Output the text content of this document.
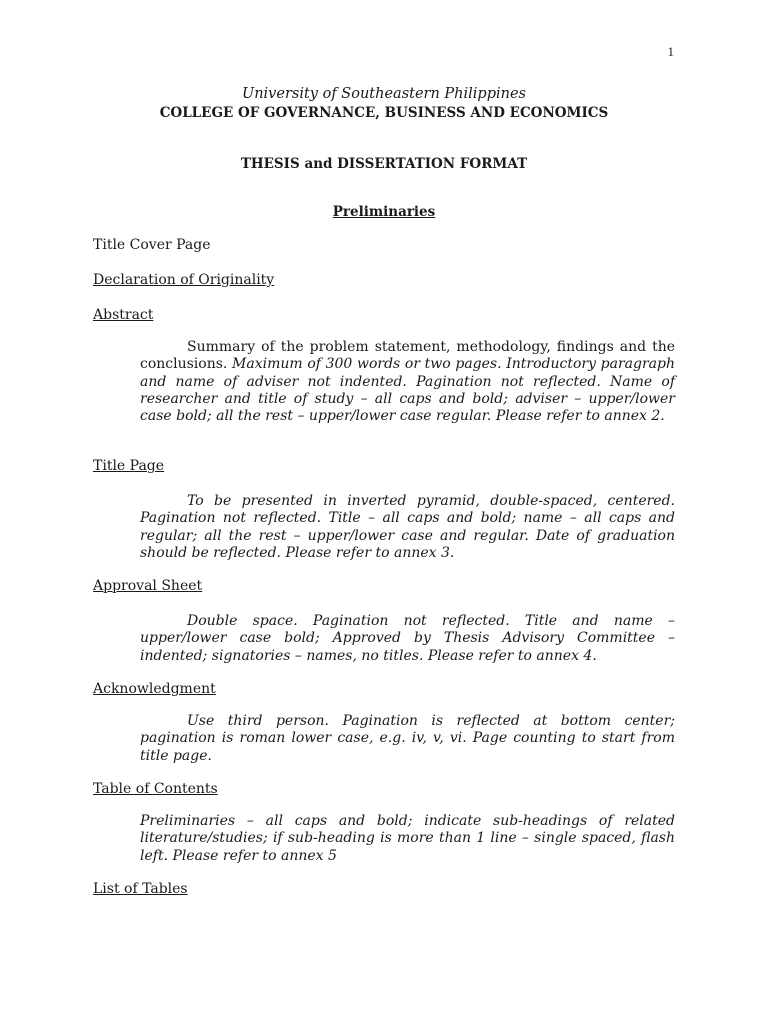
1
University of Southeastern Philippines
COLLEGE OF GOVERNANCE, BUSINESS AND ECONOMICS
THESIS and DISSERTATION FORMAT
Preliminaries
Title Cover Page
Declaration of Originality
Abstract
Summary of the problem statement, methodology, findings and the conclusions. Maximum of 300 words or two pages. Introductory paragraph and name of adviser not indented. Pagination not reflected. Name of researcher and title of study – all caps and bold; adviser – upper/lower case bold; all the rest – upper/lower case regular. Please refer to annex 2.
Title Page
To be presented in inverted pyramid, double-spaced, centered. Pagination not reflected. Title – all caps and bold; name – all caps and regular; all the rest – upper/lower case and regular. Date of graduation should be reflected. Please refer to annex 3.
Approval Sheet
Double space. Pagination not reflected. Title and name – upper/lower case bold; Approved by Thesis Advisory Committee – indented; signatories – names, no titles. Please refer to annex 4.
Acknowledgment
Use third person. Pagination is reflected at bottom center; pagination is roman lower case, e.g. iv, v, vi. Page counting to start from title page.
Table of Contents
Preliminaries – all caps and bold; indicate sub-headings of related literature/studies; if sub-heading is more than 1 line – single spaced, flash left. Please refer to annex 5
List of Tables
